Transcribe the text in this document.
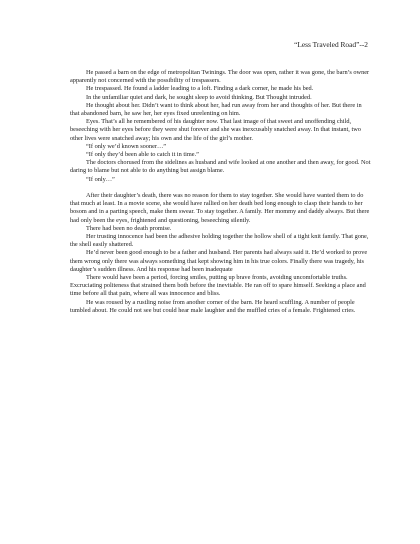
“Less Traveled Road”--2

He passed a barn on the edge of metropolitan Twinings. The door was open, rather it was gone, the barn’s owner apparently not concerned with the possibility of trespassers.

He trespassed. He found a ladder leading to a loft. Finding a dark corner, he made his bed.

In the unfamiliar quiet and dark, he sought sleep to avoid thinking. But Thought intruded.

He thought about her. Didn’t want to think about her, had run away from her and thoughts of her. But there in that abandoned barn, he saw her, her eyes fixed unrelenting on him.

Eyes. That’s all he remembered of his daughter now. That last image of that sweet and unoffending child, beseeching with her eyes before they were shut forever and she was inexcusably snatched away. In that instant, two other lives were snatched away; his own and the life of the girl’s mother.

“If only we’d known sooner…”

“If only they’d been able to catch it in time.”

The doctors chorused from the sidelines as husband and wife looked at one another and then away, for good. Not daring to blame but not able to do anything but assign blame.

“If only…”

After their daughter’s death, there was no reason for them to stay together. She would have wanted them to do that much at least. In a movie scene, she would have rallied on her death bed long enough to clasp their hands to her bosom and in a parting speech, make them swear. To stay together. A family. Her mommy and daddy always. But there had only been the eyes, frightened and questioning, beseeching silently.

There had been no death promise.

Her trusting innocence had been the adhesive holding together the hollow shell of a tight knit family. That gone, the shell easily shattered.

He’d never been good enough to be a father and husband. Her parents had always said it. He’d worked to prove them wrong only there was always something that kept showing him in his true colors. Finally there was tragedy, his daughter’s sudden illness. And his response had been inadequate

There would have been a period, forcing smiles, putting up brave fronts, avoiding uncomfortable truths. Excruciating politeness that strained them both before the inevitable. He ran off to spare himself. Seeking a place and time before all that pain, where all was innocence and bliss.

He was roused by a rustling noise from another corner of the barn. He heard scuffling. A number of people tumbled about. He could not see but could hear male laughter and the muffled cries of a female. Frightened cries.
